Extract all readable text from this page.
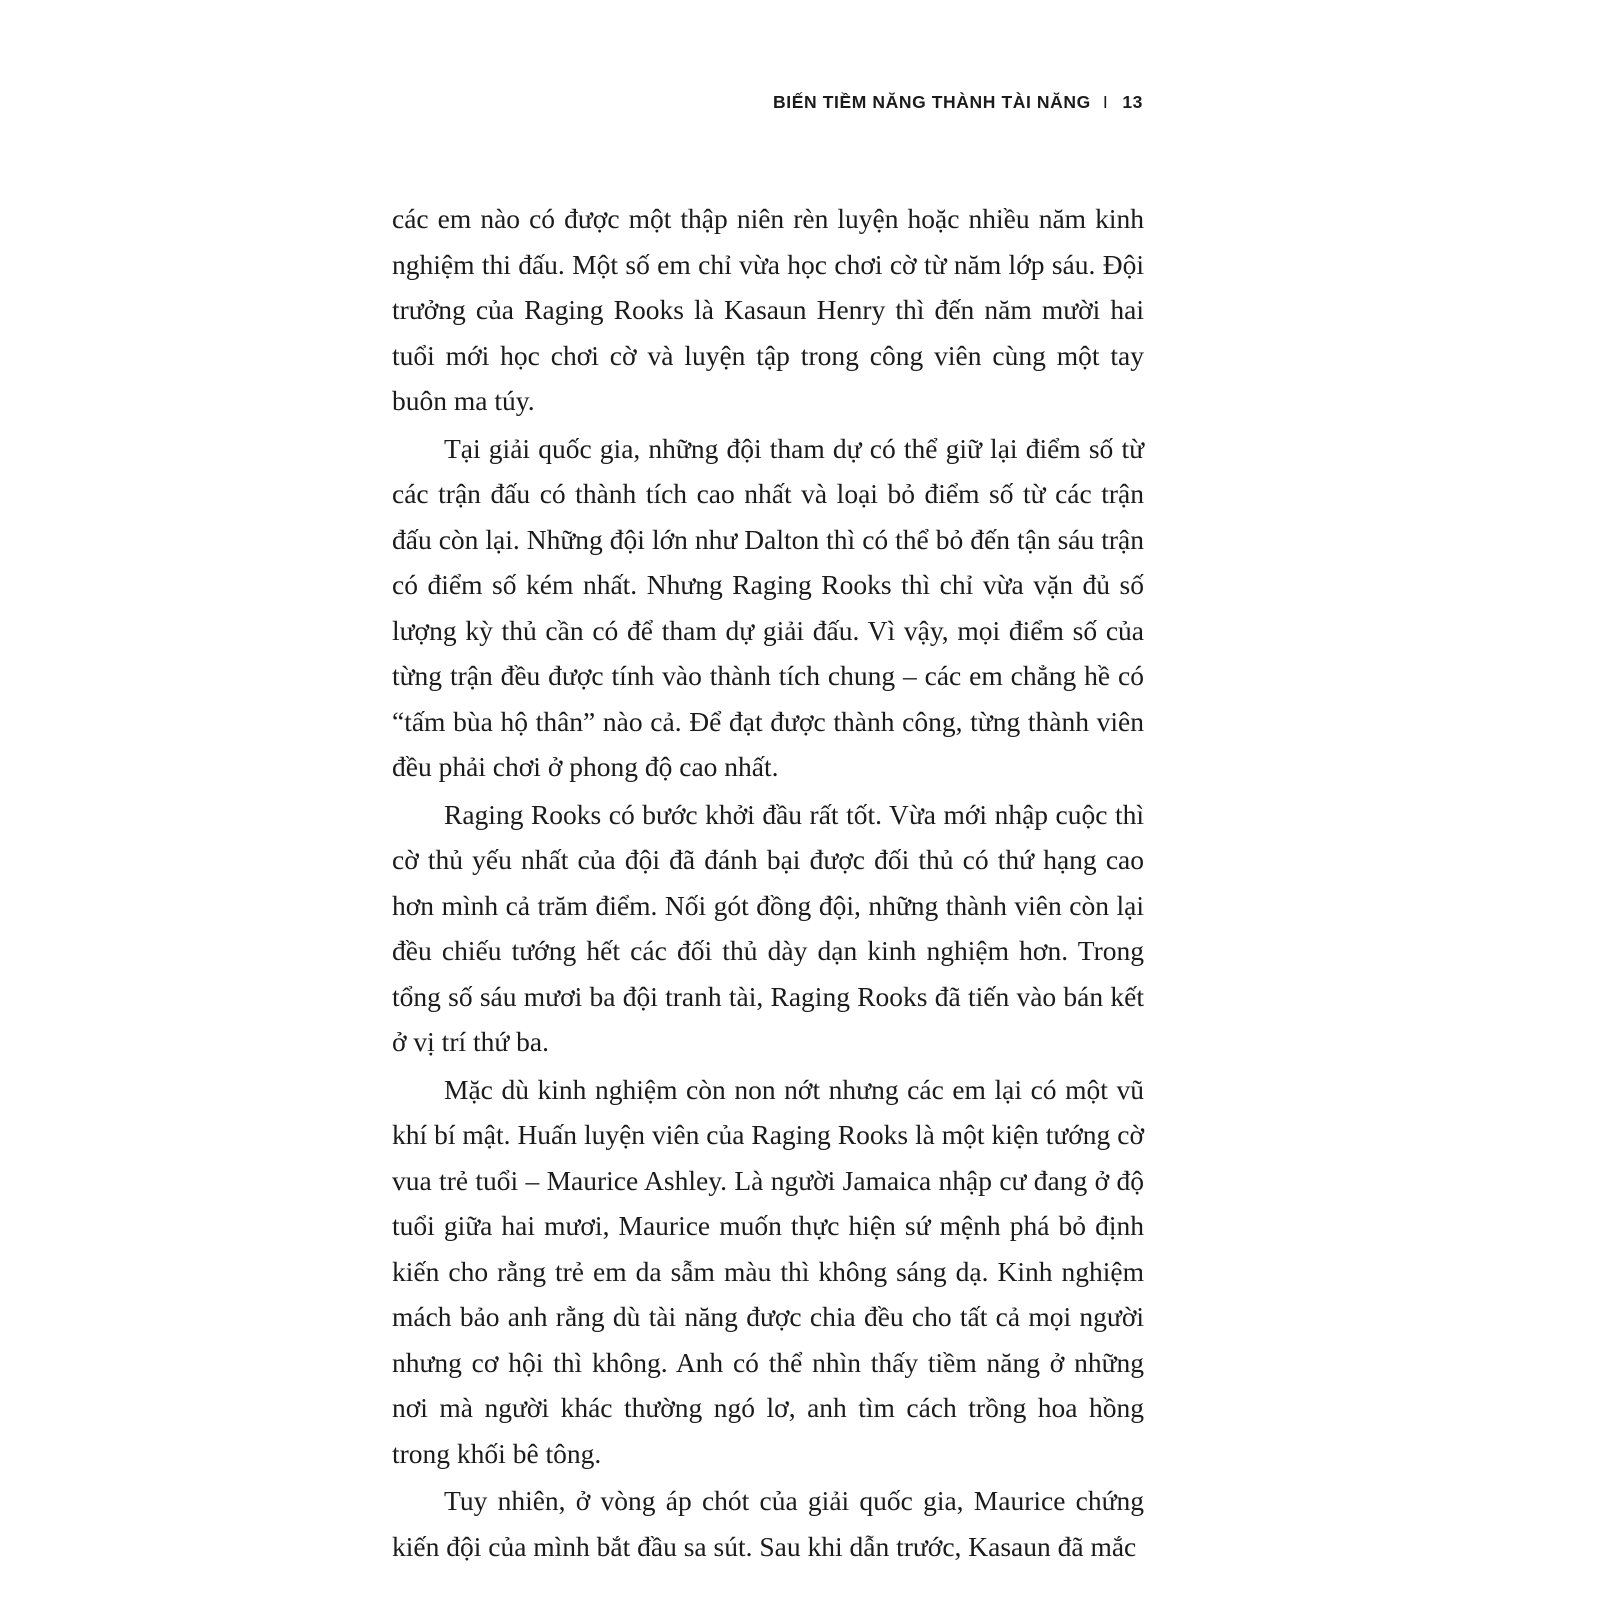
BIẾN TIỀM NĂNG THÀNH TÀI NĂNG I 13

các em nào có được một thập niên rèn luyện hoặc nhiều năm kinh nghiệm thi đấu. Một số em chỉ vừa học chơi cờ từ năm lớp sáu. Đội trưởng của Raging Rooks là Kasaun Henry thì đến năm mười hai tuổi mới học chơi cờ và luyện tập trong công viên cùng một tay buôn ma túy.

Tại giải quốc gia, những đội tham dự có thể giữ lại điểm số từ các trận đấu có thành tích cao nhất và loại bỏ điểm số từ các trận đấu còn lại. Những đội lớn như Dalton thì có thể bỏ đến tận sáu trận có điểm số kém nhất. Nhưng Raging Rooks thì chỉ vừa vặn đủ số lượng kỳ thủ cần có để tham dự giải đấu. Vì vậy, mọi điểm số của từng trận đều được tính vào thành tích chung – các em chẳng hề có “tấm bùa hộ thân” nào cả. Để đạt được thành công, từng thành viên đều phải chơi ở phong độ cao nhất.

Raging Rooks có bước khởi đầu rất tốt. Vừa mới nhập cuộc thì cờ thủ yếu nhất của đội đã đánh bại được đối thủ có thứ hạng cao hơn mình cả trăm điểm. Nối gót đồng đội, những thành viên còn lại đều chiếu tướng hết các đối thủ dày dạn kinh nghiệm hơn. Trong tổng số sáu mươi ba đội tranh tài, Raging Rooks đã tiến vào bán kết ở vị trí thứ ba.

Mặc dù kinh nghiệm còn non nớt nhưng các em lại có một vũ khí bí mật. Huấn luyện viên của Raging Rooks là một kiện tướng cờ vua trẻ tuổi – Maurice Ashley. Là người Jamaica nhập cư đang ở độ tuổi giữa hai mươi, Maurice muốn thực hiện sứ mệnh phá bỏ định kiến cho rằng trẻ em da sẫm màu thì không sáng dạ. Kinh nghiệm mách bảo anh rằng dù tài năng được chia đều cho tất cả mọi người nhưng cơ hội thì không. Anh có thể nhìn thấy tiềm năng ở những nơi mà người khác thường ngó lơ, anh tìm cách trồng hoa hồng trong khối bê tông.

Tuy nhiên, ở vòng áp chót của giải quốc gia, Maurice chứng kiến đội của mình bắt đầu sa sút. Sau khi dẫn trước, Kasaun đã mắc
